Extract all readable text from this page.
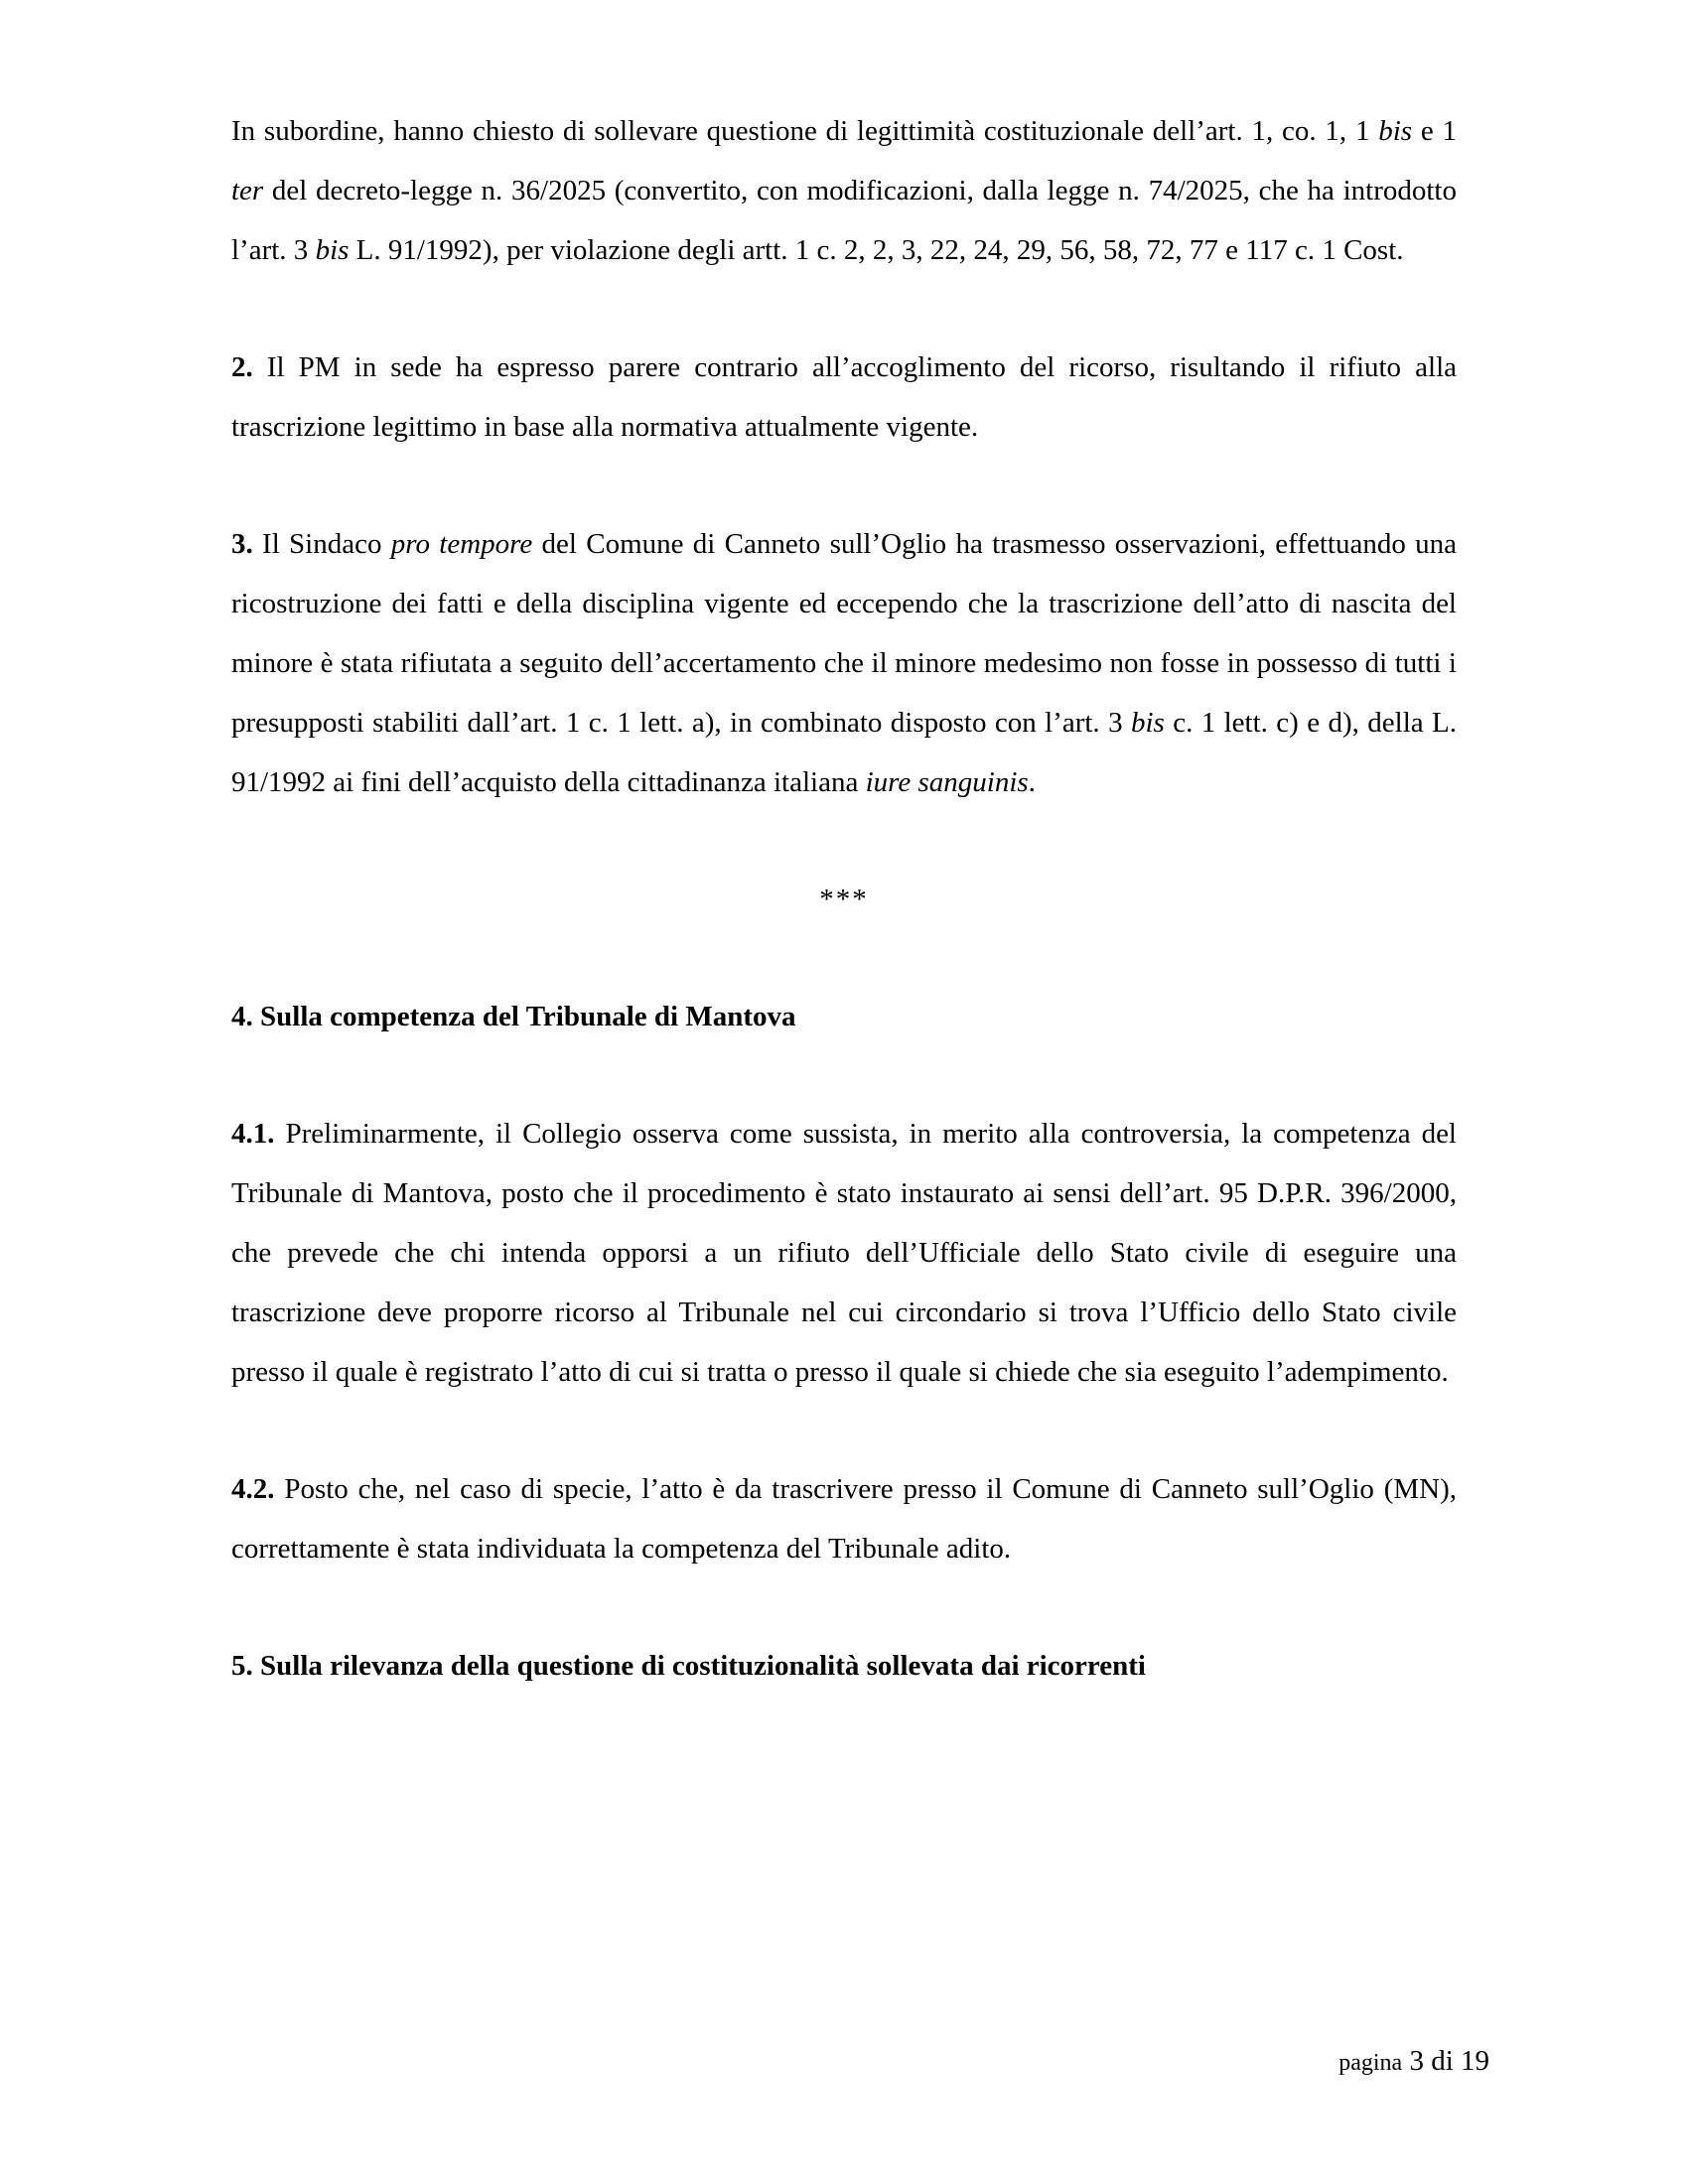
In subordine, hanno chiesto di sollevare questione di legittimità costituzionale dell’art. 1, co. 1, 1 bis e 1 ter del decreto-legge n. 36/2025 (convertito, con modificazioni, dalla legge n. 74/2025, che ha introdotto l’art. 3 bis L. 91/1992), per violazione degli artt. 1 c. 2, 2, 3, 22, 24, 29, 56, 58, 72, 77 e 117 c. 1 Cost.

2. Il PM in sede ha espresso parere contrario all’accoglimento del ricorso, risultando il rifiuto alla trascrizione legittimo in base alla normativa attualmente vigente.

3. Il Sindaco pro tempore del Comune di Canneto sull’Oglio ha trasmesso osservazioni, effettuando una ricostruzione dei fatti e della disciplina vigente ed eccependo che la trascrizione dell’atto di nascita del minore è stata rifiutata a seguito dell’accertamento che il minore medesimo non fosse in possesso di tutti i presupposti stabiliti dall’art. 1 c. 1 lett. a), in combinato disposto con l’art. 3 bis c. 1 lett. c) e d), della L. 91/1992 ai fini dell’acquisto della cittadinanza italiana iure sanguinis.

***

4. Sulla competenza del Tribunale di Mantova

4.1. Preliminarmente, il Collegio osserva come sussista, in merito alla controversia, la competenza del Tribunale di Mantova, posto che il procedimento è stato instaurato ai sensi dell’art. 95 D.P.R. 396/2000, che prevede che chi intenda opporsi a un rifiuto dell’Ufficiale dello Stato civile di eseguire una trascrizione deve proporre ricorso al Tribunale nel cui circondario si trova l’Ufficio dello Stato civile presso il quale è registrato l’atto di cui si tratta o presso il quale si chiede che sia eseguito l’adempimento.

4.2. Posto che, nel caso di specie, l’atto è da trascrivere presso il Comune di Canneto sull’Oglio (MN), correttamente è stata individuata la competenza del Tribunale adito.

5. Sulla rilevanza della questione di costituzionalità sollevata dai ricorrenti

pagina 3 di 19
